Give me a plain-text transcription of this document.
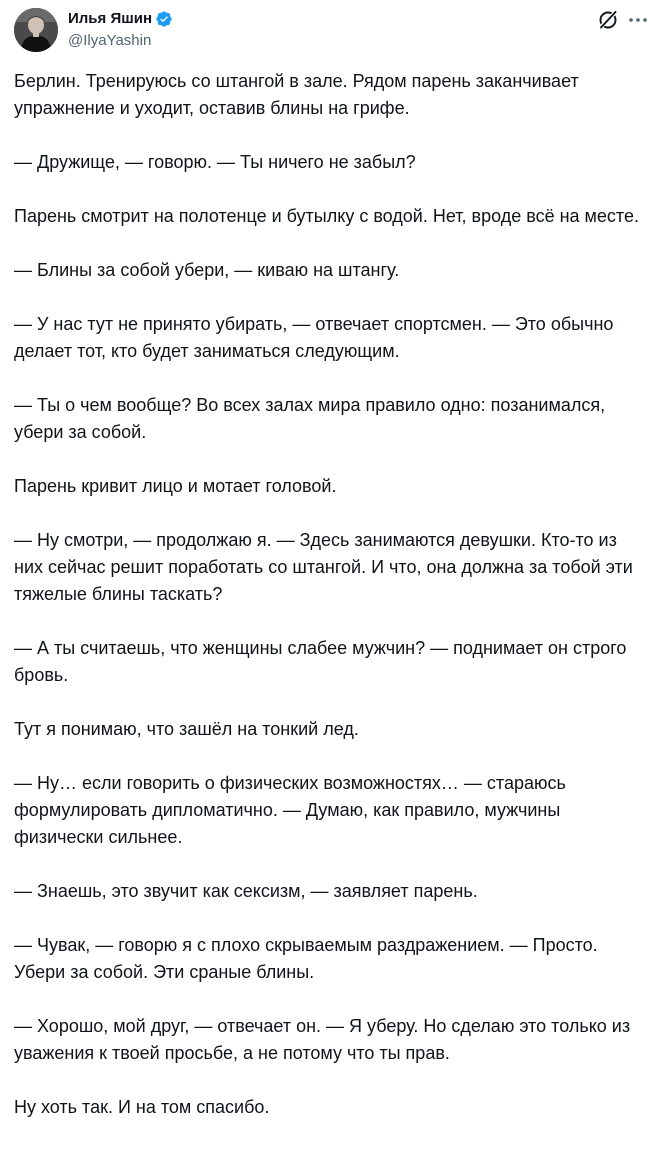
Илья Яшин
@IlyaYashin

Берлин. Тренируюсь со штангой в зале. Рядом парень заканчивает упражнение и уходит, оставив блины на грифе.

— Дружище, — говорю. — Ты ничего не забыл?

Парень смотрит на полотенце и бутылку с водой. Нет, вроде всё на месте.

— Блины за собой убери, — киваю на штангу.

— У нас тут не принято убирать, — отвечает спортсмен. — Это обычно делает тот, кто будет заниматься следующим.

— Ты о чем вообще? Во всех залах мира правило одно: позанимался, убери за собой.

Парень кривит лицо и мотает головой.

— Ну смотри, — продолжаю я. — Здесь занимаются девушки. Кто-то из них сейчас решит поработать со штангой. И что, она должна за тобой эти тяжелые блины таскать?

— А ты считаешь, что женщины слабее мужчин? — поднимает он строго бровь.

Тут я понимаю, что зашёл на тонкий лед.

— Ну… если говорить о физических возможностях… — стараюсь формулировать дипломатично. — Думаю, как правило, мужчины физически сильнее.

— Знаешь, это звучит как сексизм, — заявляет парень.

— Чувак, — говорю я с плохо скрываемым раздражением. — Просто. Убери за собой. Эти сраные блины.

— Хорошо, мой друг, — отвечает он. — Я уберу. Но сделаю это только из уважения к твоей просьбе, а не потому что ты прав.

Ну хоть так. И на том спасибо.
